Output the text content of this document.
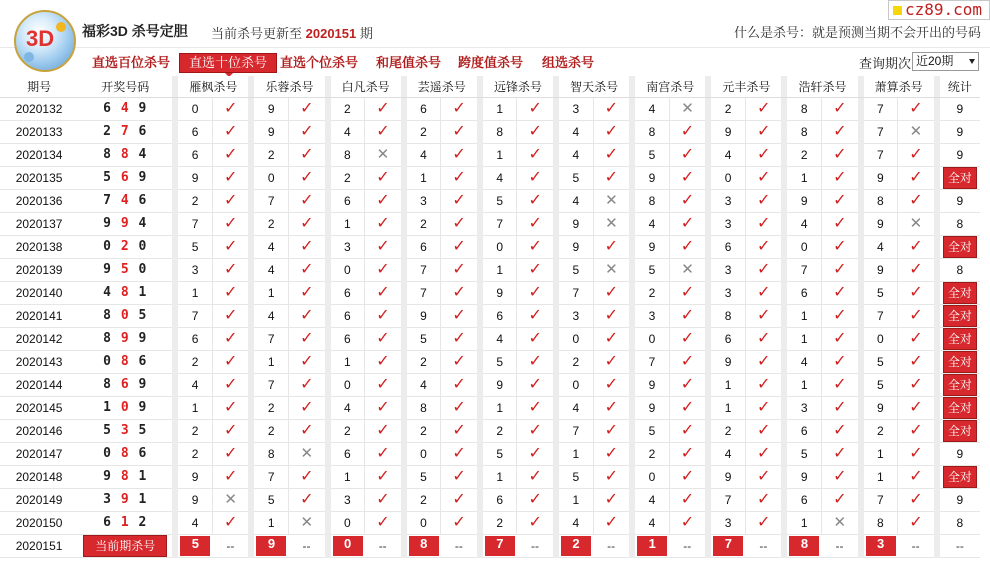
3D 福彩3D 杀号定胆 当前杀号更新至 2020151 期
cz89.com
什么是杀号：就是预测当期不会开出的号码
直选百位杀号	直选十位杀号 直选个位杀号 和尾值杀号 跨度值杀号 组选杀号	查询期次 近20期
期号	开奖号码		雁枫杀号			乐蓉杀号			白凡杀号			芸遥杀号			远锋杀号			智天杀号			南宫杀号			元丰杀号			浩轩杀号			萧算杀号			统计
2020132	6 4 9		0	✓		9	✓		2	✓		6	✓		1	✓		3	✓		4	✕		2	✓		8	✓		7	✓		9
2020133	2 7 6		6	✓		9	✓		4	✓		2	✓		8	✓		4	✓		8	✓		9	✓		8	✓		7	✕		9
2020134	8 8 4		6	✓		2	✓		8	✕		4	✓		1	✓		4	✓		5	✓		4	✓		2	✓		7	✓		9
2020135	5 6 9		9	✓		0	✓		2	✓		1	✓		4	✓		5	✓		9	✓		0	✓		1	✓		9	✓		全对
2020136	7 4 6		2	✓		7	✓		6	✓		3	✓		5	✓		4	✕		8	✓		3	✓		9	✓		8	✓		9
2020137	9 9 4		7	✓		2	✓		1	✓		2	✓		7	✓		9	✕		4	✓		3	✓		4	✓		9	✕		8
2020138	0 2 0		5	✓		4	✓		3	✓		6	✓		0	✓		9	✓		9	✓		6	✓		0	✓		4	✓		全对
2020139	9 5 0		3	✓		4	✓		0	✓		7	✓		1	✓		5	✕		5	✕		3	✓		7	✓		9	✓		8
2020140	4 8 1		1	✓		1	✓		6	✓		7	✓		9	✓		7	✓		2	✓		3	✓		6	✓		5	✓		全对
2020141	8 0 5		7	✓		4	✓		6	✓		9	✓		6	✓		3	✓		3	✓		8	✓		1	✓		7	✓		全对
2020142	8 9 9		6	✓		7	✓		6	✓		5	✓		4	✓		0	✓		0	✓		6	✓		1	✓		0	✓		全对
2020143	0 8 6		2	✓		1	✓		1	✓		2	✓		5	✓		2	✓		7	✓		9	✓		4	✓		5	✓		全对
2020144	8 6 9		4	✓		7	✓		0	✓		4	✓		9	✓		0	✓		9	✓		1	✓		1	✓		5	✓		全对
2020145	1 0 9		1	✓		2	✓		4	✓		8	✓		1	✓		4	✓		9	✓		1	✓		3	✓		9	✓		全对
2020146	5 3 5		2	✓		2	✓		2	✓		2	✓		2	✓		7	✓		5	✓		2	✓		6	✓		2	✓		全对
2020147	0 8 6		2	✓		8	✕		6	✓		0	✓		5	✓		1	✓		2	✓		4	✓		5	✓		1	✓		9
2020148	9 8 1		9	✓		7	✓		1	✓		5	✓		1	✓		5	✓		0	✓		9	✓		9	✓		1	✓		全对
2020149	3 9 1		9	✕		5	✓		3	✓		2	✓		6	✓		1	✓		4	✓		7	✓		6	✓		7	✓		9
2020150	6 1 2		4	✓		1	✕		0	✓		0	✓		2	✓		4	✓		4	✓		3	✓		1	✕		8	✓		8
2020151	当前期杀号		5	--		9	--		0	--		8	--		7	--		2	--		1	--		7	--		8	--		3	--		--
